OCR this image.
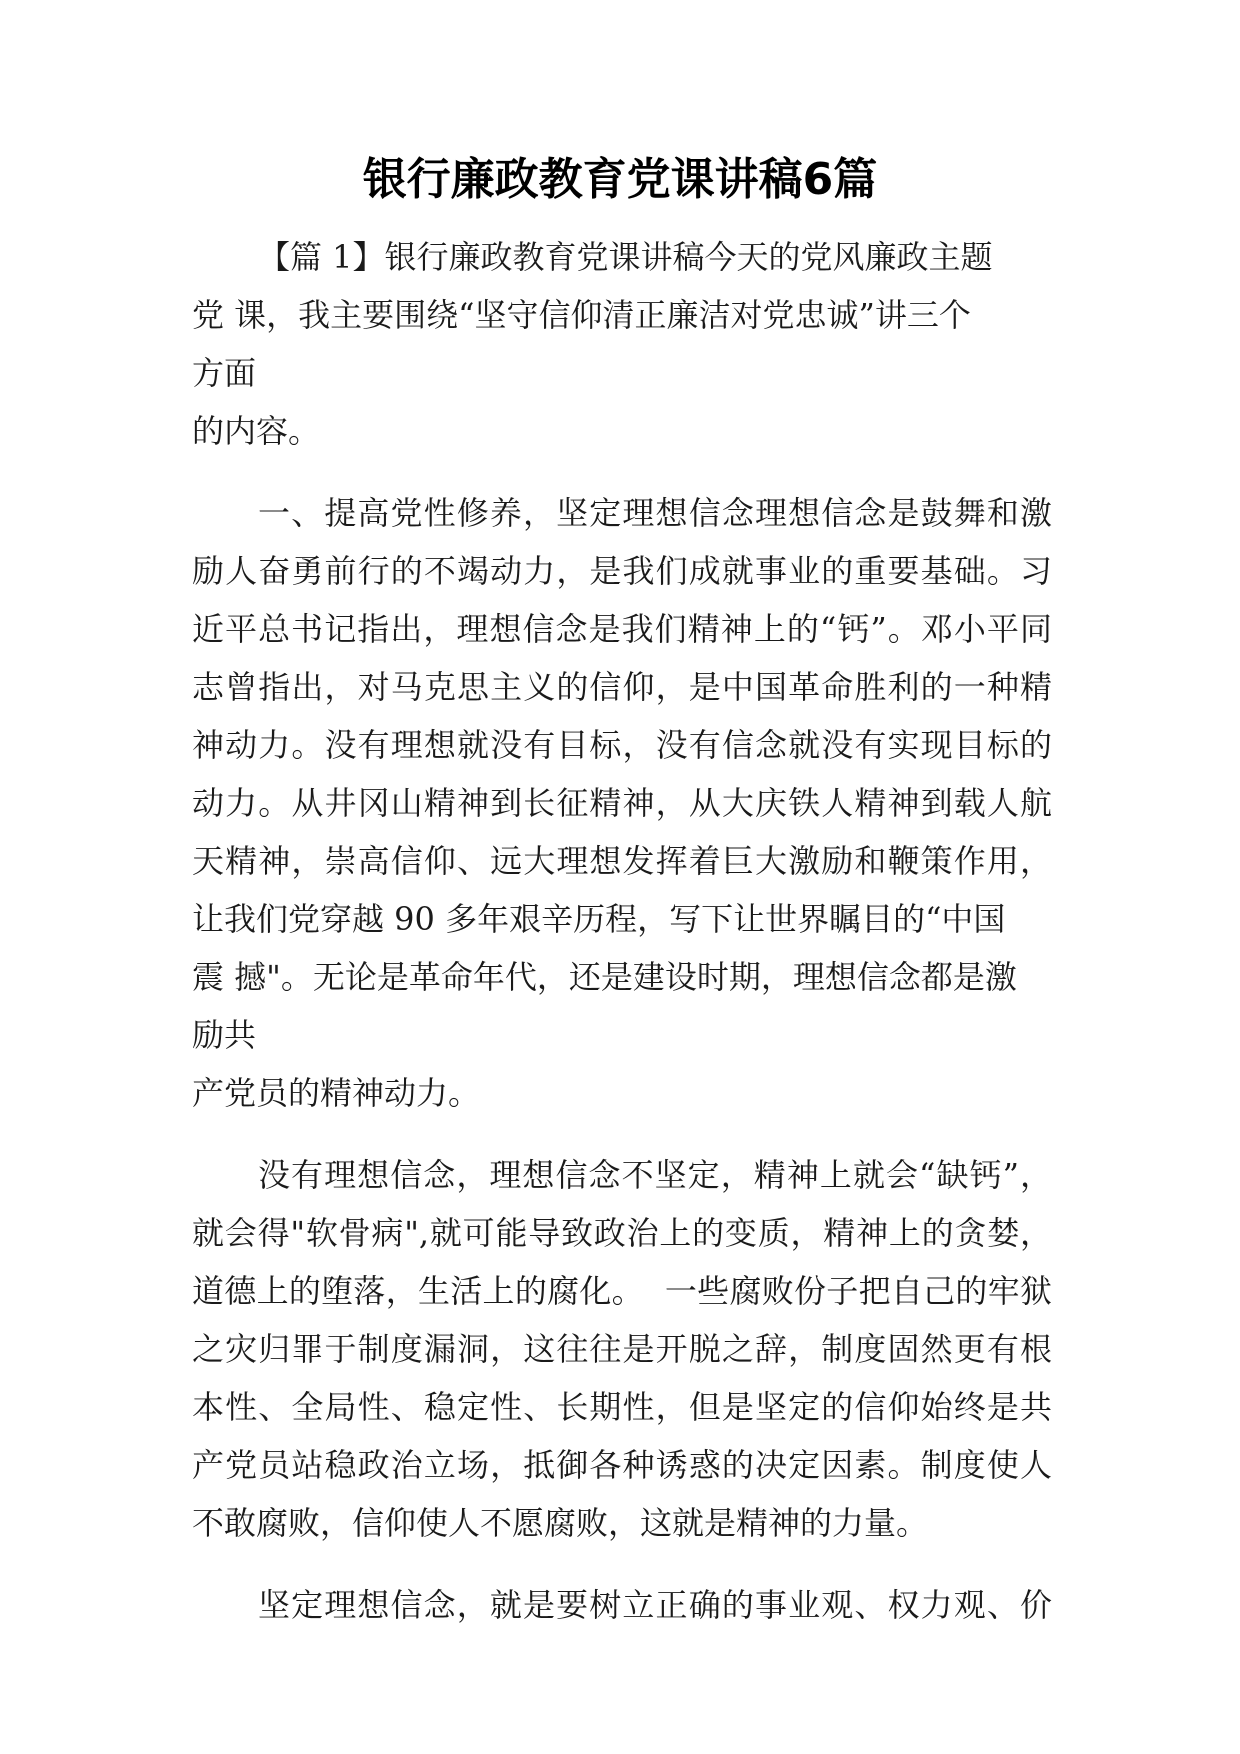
银行廉政教育党课讲稿6篇
【篇 1】银行廉政教育党课讲稿今天的党风廉政主题
党 课，我主要围绕“坚守信仰清正廉洁对党忠诚”讲三个
方面
的内容。
一、提高党性修养，坚定理想信念理想信念是鼓舞和激
励人奋勇前行的不竭动力，是我们成就事业的重要基础。习
近平总书记指出，理想信念是我们精神上的“钙”。邓小平同
志曾指出，对马克思主义的信仰，是中国革命胜利的一种精
神动力。没有理想就没有目标，没有信念就没有实现目标的
动力。从井冈山精神到长征精神，从大庆铁人精神到载人航
天精神，崇高信仰、远大理想发挥着巨大激励和鞭策作用，
让我们党穿越 90 多年艰辛历程，写下让世界瞩目的“中国
震 撼"。无论是革命年代，还是建设时期，理想信念都是激
励共
产党员的精神动力。
没有理想信念，理想信念不坚定，精神上就会“缺钙”，
就会得"软骨病",就可能导致政治上的变质，精神上的贪婪，
道德上的堕落，生活上的腐化。  一些腐败份子把自己的牢狱
之灾归罪于制度漏洞，这往往是开脱之辞，制度固然更有根
本性、全局性、稳定性、长期性，但是坚定的信仰始终是共
产党员站稳政治立场，抵御各种诱惑的决定因素。制度使人
不敢腐败，信仰使人不愿腐败，这就是精神的力量。
坚定理想信念，就是要树立正确的事业观、权力观、价
